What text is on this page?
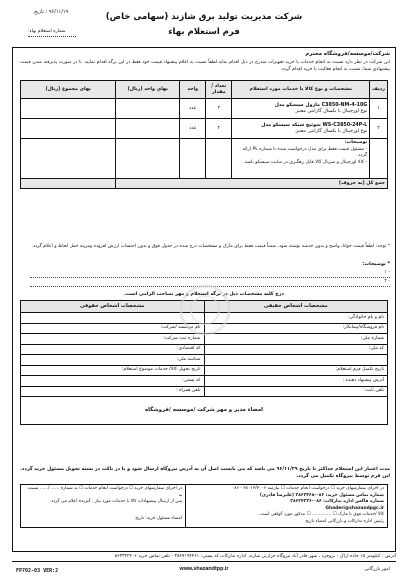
۹۶/۱۱/۱۹ : تاریخ	شرکت مدیریت تولید برق شازند (سهامی خاص)
فرم استعلام بهاء
شماره استعلام بهاء:
شرکت/موسسه/فروشگاه محترم
این شرکت در نظر دارد نسبت به انجام خدمات یا خرید تجهیزات مندرج در ذیل اقدام نماید.لطفاً نسبت به اعلام پیشنهاد قیمت خود فقط در این برگه اقدام نمایید. تا در صورت پذیرفته شدن قیمت پیشنهادی شما، نسبت به انجام فعالیت یا خرید اقدام گردد.
ردیف	مشخصات و نوع کالا یا خدمات مورد استعلام	تعداد / مقدار	واحد	بهای واحد (ریال)	بهای مجموع (ریال)
۱	ماژول سیسکو مدل C3850-NM-4-10G
نوع اورجینال با یکسال گارانتی معتبر	۲	عدد		
۲	سوئیچ شبکه سیسکو مدل WS-C3850-24P-L
نوع اورجینال با یکسال گارانتی معتبر	۲	عدد		

	توضیحات:
- مسئول قیمت فقط برای مدل درخواست شده با شماره PL ارائه گردد.
- کالا اورجینال و سریال کالا قابل رهگیری در سایت سیسکو باشد.				

جمع کل (به حروف)					
* توجه: لطفاً قیمت خوانا، واضح و بدون خدشه نوشته شود، ضمناً قیمت فقط برای مارک و مشخصات درج شده در جدول فوق و بدون احتساب ارزش افزوده ومزینه حمل لحاظ و اعلام گردد.
* توضیحات:
- ۱
- ۲
درج کلیه مشخصات ذیل در برگه استعلام و مهر تصاحب الزامی است.
مشخصات اشخاص حقیقی	مشخصات اشخاص حقوقی
نام و نام خانوادگی:	
نام فروشگاه/پیمانکار:	نام موسسه /شرکت:
شماره ملی:	شماره ثبت شرکت:
کد ملی:	کد اقتصادی:
	شناسه ملی:
تاریخ تکمیل فرم استعلام:	تاریخ تحویل کالا/ خدمات موضوع استعلام:
آدرس پیشنهاد دهنده :	کد پستی:
تلفن ثابت:	تلفن همراه :
امضاء مدیر و مهر شرکت /موسسه /فروشگاه	
مدت اعتبار این استعلام حداکثر تا تاریخ ۹۶/۱۱/۲۹ می باشد که می بایست اصل آن به آدرس نیروگاه ارسال شود و یا در باکت در بسته تحویل مسئول خرید گردد. این فرم توسط نیروگاه تکمیل می گردد.
در اجرای سفارشهای خرید ☐ درخواست انجام خدمات ☐ نیازمند ۳۸۰۱۳/۳۰۰۶ - ۰۸۶
شماره تماس مسئول خرید: ۰۸۶-۳۸۶۲۴۶۸ (علیرضا قادری)
شماره فاکس اداره تدارکات: ۰۸۶-۳۸۶۲۴۳۲۶
Ghaderi@shazandpgc.ir
کالا /خدمات فوق با مارک ☐ .............. ☐ مذکور مورد گواهی است.
رئیس اداره تدارکات و بازرگانی امضاء تاریخ

در اجرای سفارشهای خرید ☐ درخواست انجام خدمات ☐ به شماره ...... /...... نسبت به
پس از ارسال پیشنهادات کالا یا خدمات مورد نیاز ، گیرنده اعلام می گردد.
امضاء مسئول خرید: تاریخ
آدرس : کیلومتر ۱۵ جاده اراک - بروجرد ، شهر قادر آباد نیروگاه حرارتی شازند. اداره تدارکات کد پستی: ۳۸۶۷۱۹۴۴۶۱ - تلفن تماس خرید ۸۶۳۳۴۲۴۰۶
FP702-03 VER:2	www.shazandtpp.ir	امور بازرگانی
